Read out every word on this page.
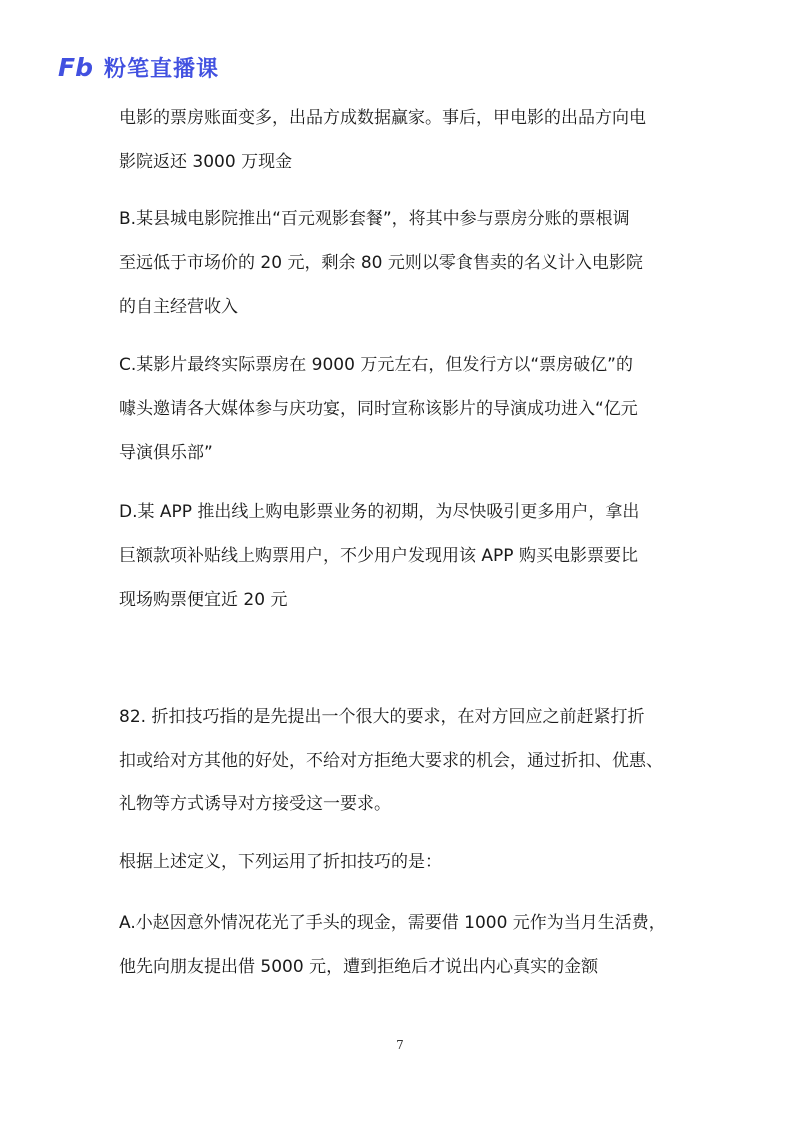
Fb 粉笔直播课
电影的票房账面变多，出品方成数据赢家。事后，甲电影的出品方向电
影院返还 3000 万现金
B.某县城电影院推出“百元观影套餐”，将其中参与票房分账的票根调
至远低于市场价的 20 元，剩余 80 元则以零食售卖的名义计入电影院
的自主经营收入
C.某影片最终实际票房在 9000 万元左右，但发行方以“票房破亿”的
噱头邀请各大媒体参与庆功宴，同时宣称该影片的导演成功进入“亿元
导演俱乐部”
D.某 APP 推出线上购电影票业务的初期，为尽快吸引更多用户，拿出
巨额款项补贴线上购票用户，不少用户发现用该 APP 购买电影票要比
现场购票便宜近 20 元
82. 折扣技巧指的是先提出一个很大的要求，在对方回应之前赶紧打折
扣或给对方其他的好处，不给对方拒绝大要求的机会，通过折扣、优惠、
礼物等方式诱导对方接受这一要求。
根据上述定义，下列运用了折扣技巧的是：
A.小赵因意外情况花光了手头的现金，需要借 1000 元作为当月生活费，
他先向朋友提出借 5000 元，遭到拒绝后才说出内心真实的金额
7
